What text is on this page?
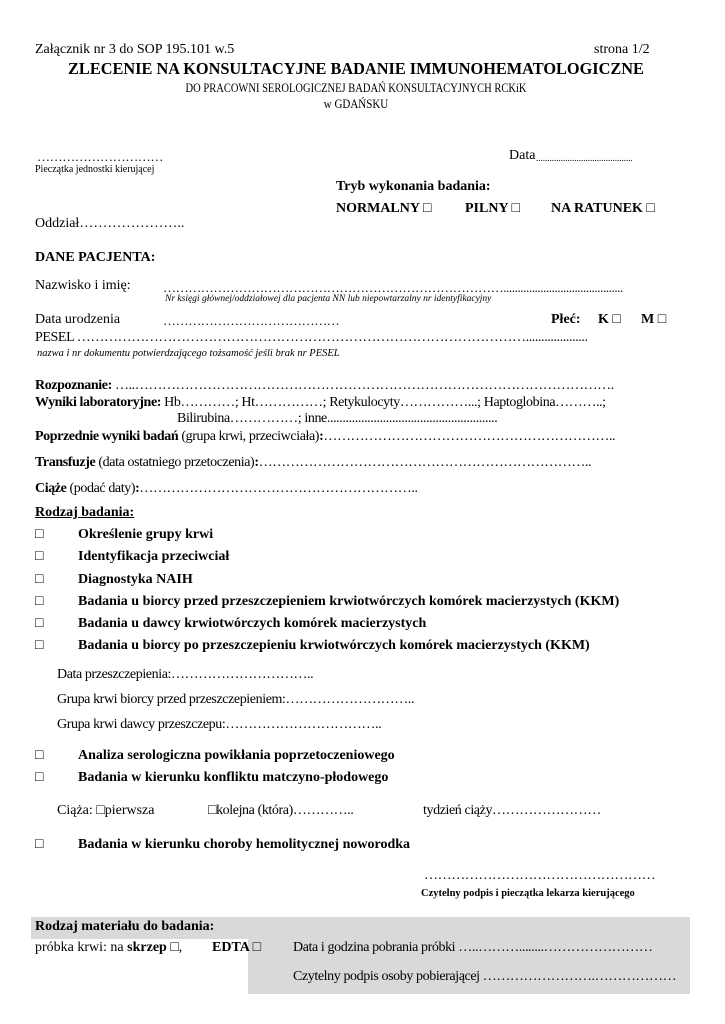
Załącznik nr 3 do SOP 195.101 w.5	strona 1/2
ZLECENIE NA KONSULTACYJNE BADANIE IMMUNOHEMATOLOGICZNE
DO PRACOWNI SEROLOGICZNEJ BADAŃ KONSULTACYJNYCH RCKiK
w GDAŃSKU
…………………………
Pieczątka jednostki kierującej
Data ...........................................
Tryb wykonania badania:
NORMALNY □ PILNY □ NA RATUNEK □
Oddział…………………..
DANE PACJENTA:
Nazwisko i imię: ………………………………………………………………………..........................................
Nr księgi głównej/oddziałowej dla pacjenta NN lub niepowtarzalny nr identyfikacyjny
Data urodzenia	……………………………………	Płeć: K □ M □
PESEL ………………………………………………………………………………………....................
nazwa i nr dokumentu potwierdzającego tożsamość jeśli brak nr PESEL
Rozpoznanie: …..…………………………………………………………………………………………….
Wyniki laboratoryjne: Hb…………; Ht……………; Retykulocyty……………...; Haptoglobina………..;
Bilirubina……………; inne.......................................................
Poprzednie wyniki badań (grupa krwi, przeciwciała):………………………………………………………..
Transfuzje (data ostatniego przetoczenia):………………………………………………………………..
Ciąże (podać daty):……………………………………………………..
Rodzaj badania:
□	Określenie grupy krwi
□	Identyfikacja przeciwciał
□	Diagnostyka NAIH
□	Badania u biorcy przed przeszczepieniem krwiotwórczych komórek macierzystych (KKM)
□	Badania u dawcy krwiotwórczych komórek macierzystych
□	Badania u biorcy po przeszczepieniu krwiotwórczych komórek macierzystych (KKM)
Data przeszczepienia:…………………………..
Grupa krwi biorcy przed przeszczepieniem:………………………..
Grupa krwi dawcy przeszczepu:……………………………..
□	Analiza serologiczna powikłania poprzetoczeniowego
□	Badania w kierunku konfliktu matczyno-płodowego
Ciąża: □pierwsza	□kolejna (która)…………..	tydzień ciąży……………………
□	Badania w kierunku choroby hemolitycznej noworodka
……………………………………………
Czytelny podpis i pieczątka lekarza kierującego
Rodzaj materiału do badania:
próbka krwi: na skrzep □, EDTA □ Data i godzina pobrania próbki …..………........……………………
Czytelny podpis osoby pobierającej …………………….………………
